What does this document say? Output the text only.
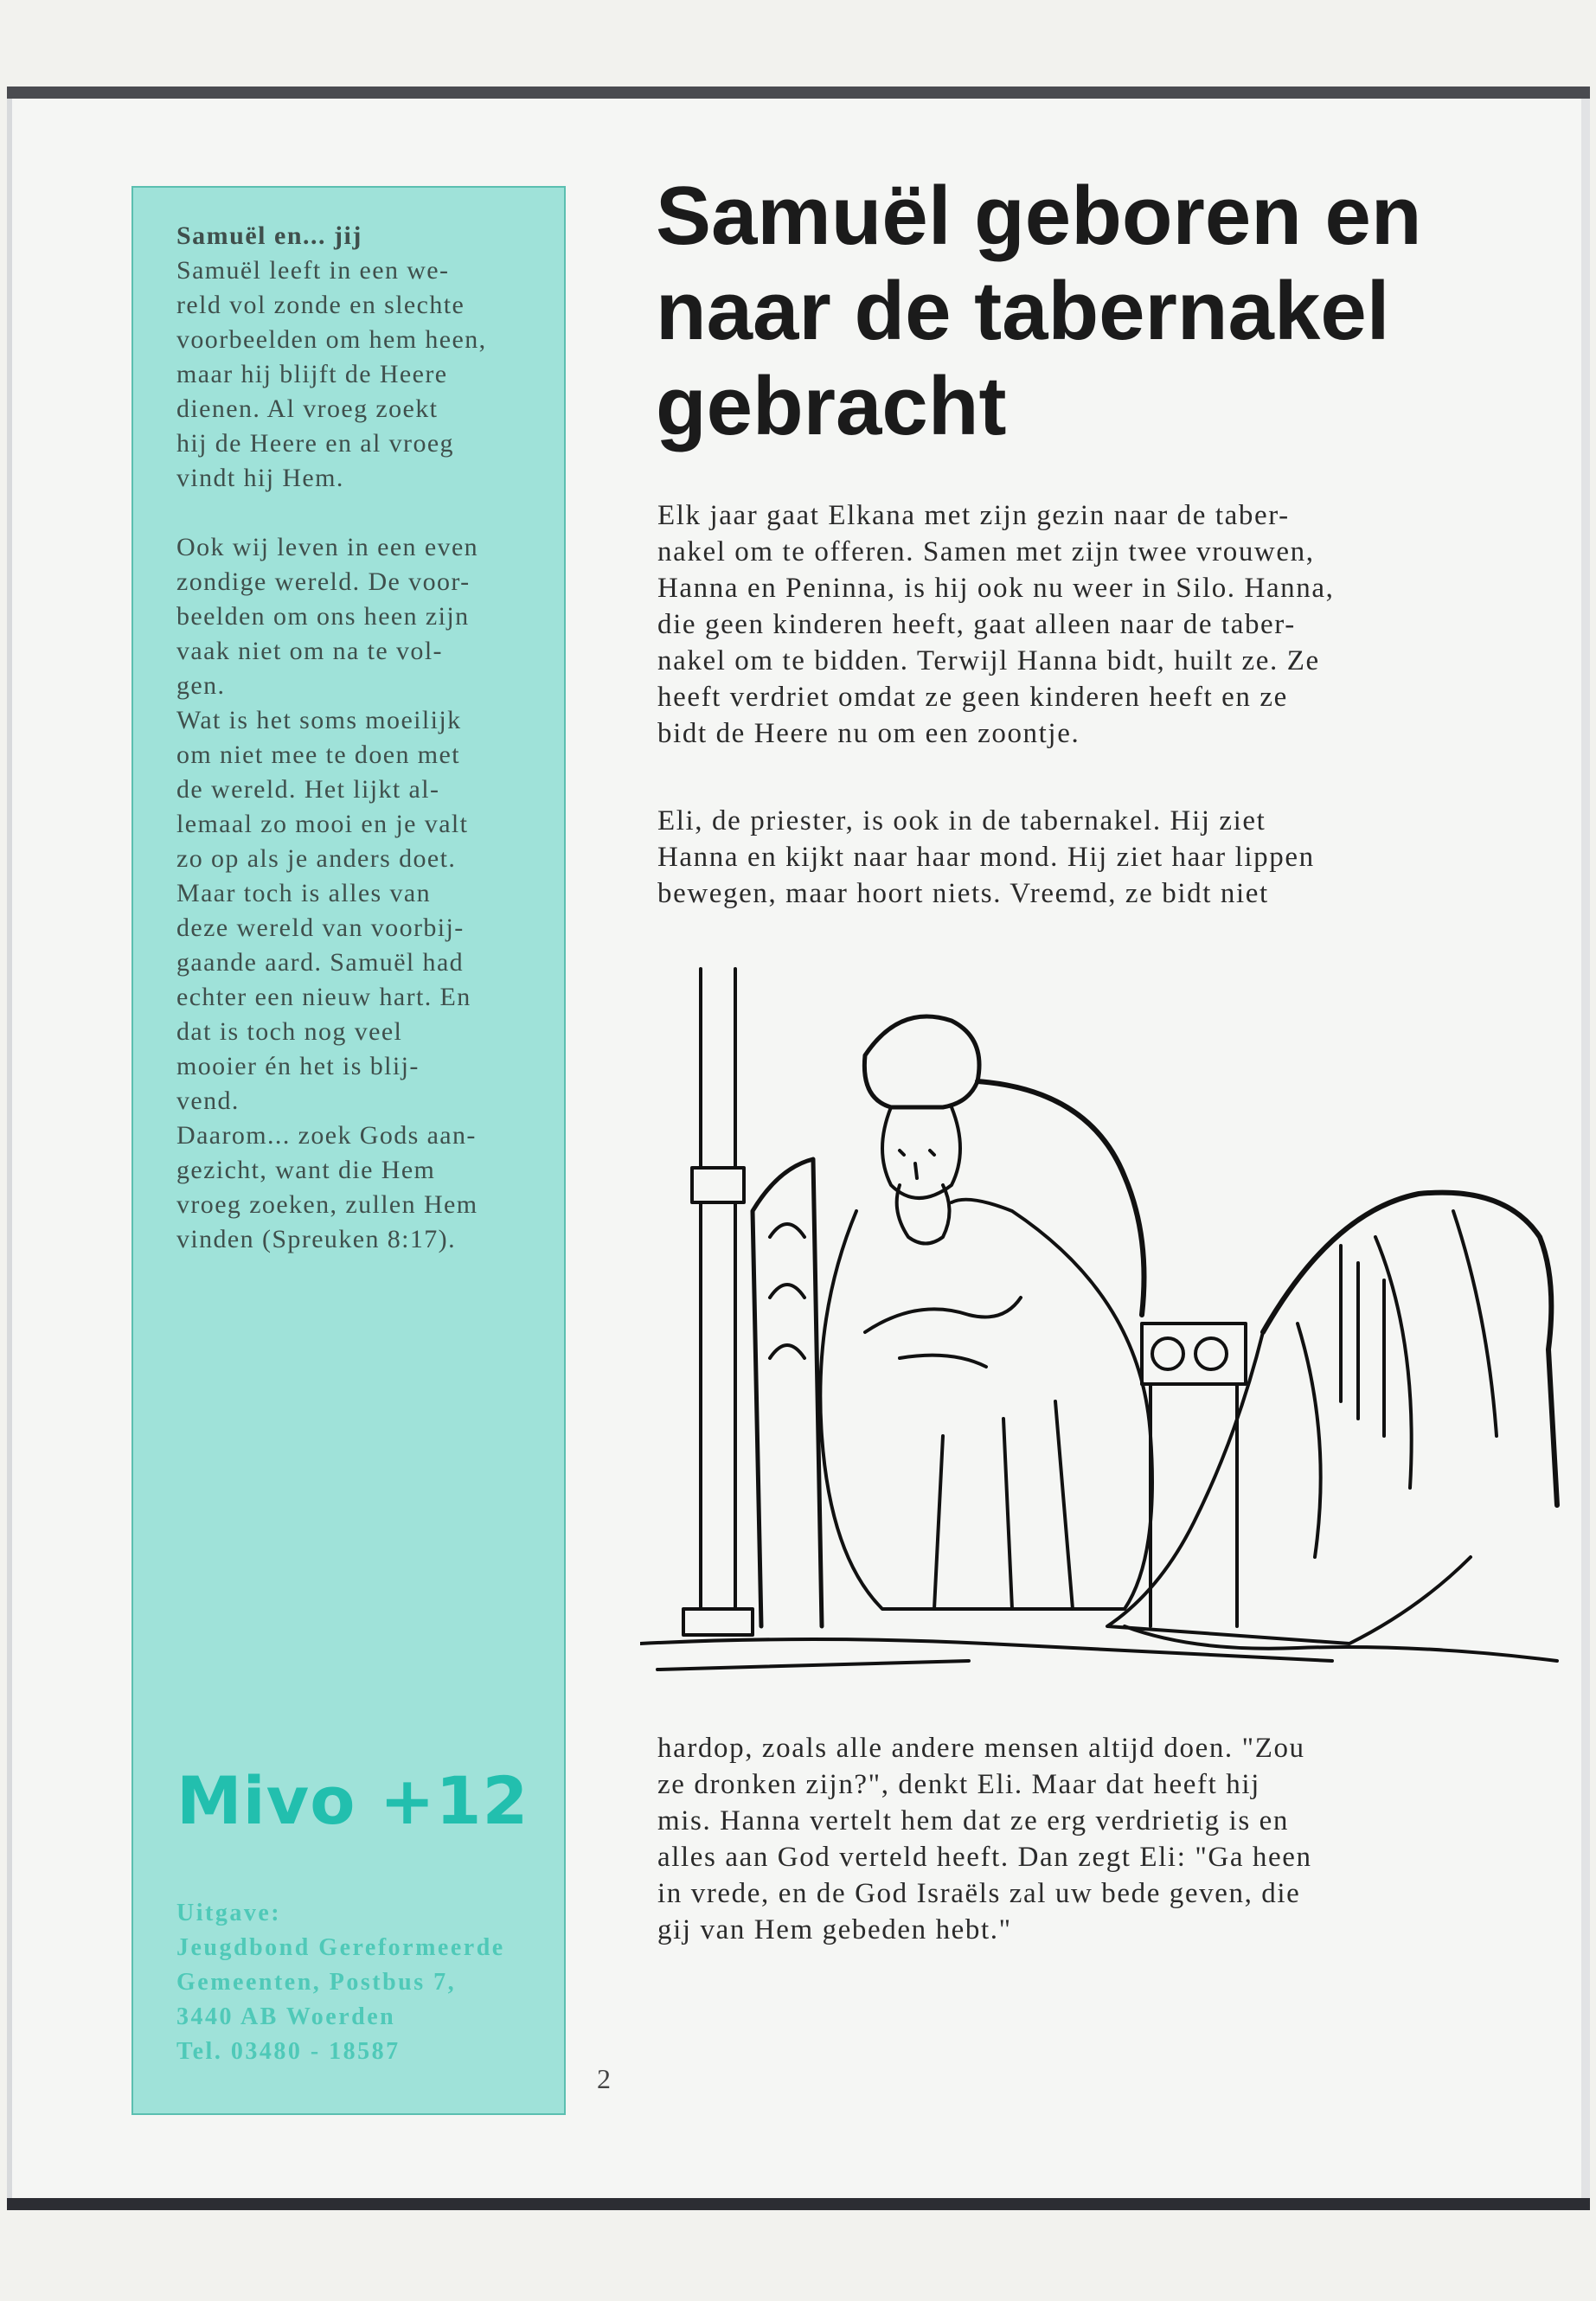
Samuël en... jij

Samuël leeft in een we-
reld vol zonde en slechte
voorbeelden om hem heen,
maar hij blijft de Heere
dienen. Al vroeg zoekt
hij de Heere en al vroeg
vindt hij Hem.

Ook wij leven in een even
zondige wereld. De voor-
beelden om ons heen zijn
vaak niet om na te vol-
gen.

Wat is het soms moeilijk
om niet mee te doen met
de wereld. Het lijkt al-
lemaal zo mooi en je valt
zo op als je anders doet.
Maar toch is alles van
deze wereld van voorbij-
gaande aard. Samuël had
echter een nieuw hart. En
dat is toch nog veel
mooier én het is blij-
vend.

Daarom... zoek Gods aan-
gezicht, want die Hem
vroeg zoeken, zullen Hem
vinden (Spreuken 8:17).

Mivo +12
Uitgave:
Jeugdbond Gereformeerde
Gemeenten, Postbus 7,
3440 AB Woerden
Tel. 03480 - 18587
Samuël geboren en
naar de tabernakel
gebracht
Elk jaar gaat Elkana met zijn gezin naar de taber-
nakel om te offeren. Samen met zijn twee vrouwen,
Hanna en Peninna, is hij ook nu weer in Silo. Hanna,
die geen kinderen heeft, gaat alleen naar de taber-
nakel om te bidden. Terwijl Hanna bidt, huilt ze. Ze
heeft verdriet omdat ze geen kinderen heeft en ze
bidt de Heere nu om een zoontje.
Eli, de priester, is ook in de tabernakel. Hij ziet
Hanna en kijkt naar haar mond. Hij ziet haar lippen
bewegen, maar hoort niets. Vreemd, ze bidt niet
hardop, zoals alle andere mensen altijd doen. "Zou
ze dronken zijn?", denkt Eli. Maar dat heeft hij
mis. Hanna vertelt hem dat ze erg verdrietig is en
alles aan God verteld heeft. Dan zegt Eli: "Ga heen
in vrede, en de God Israëls zal uw bede geven, die
gij van Hem gebeden hebt."
2
